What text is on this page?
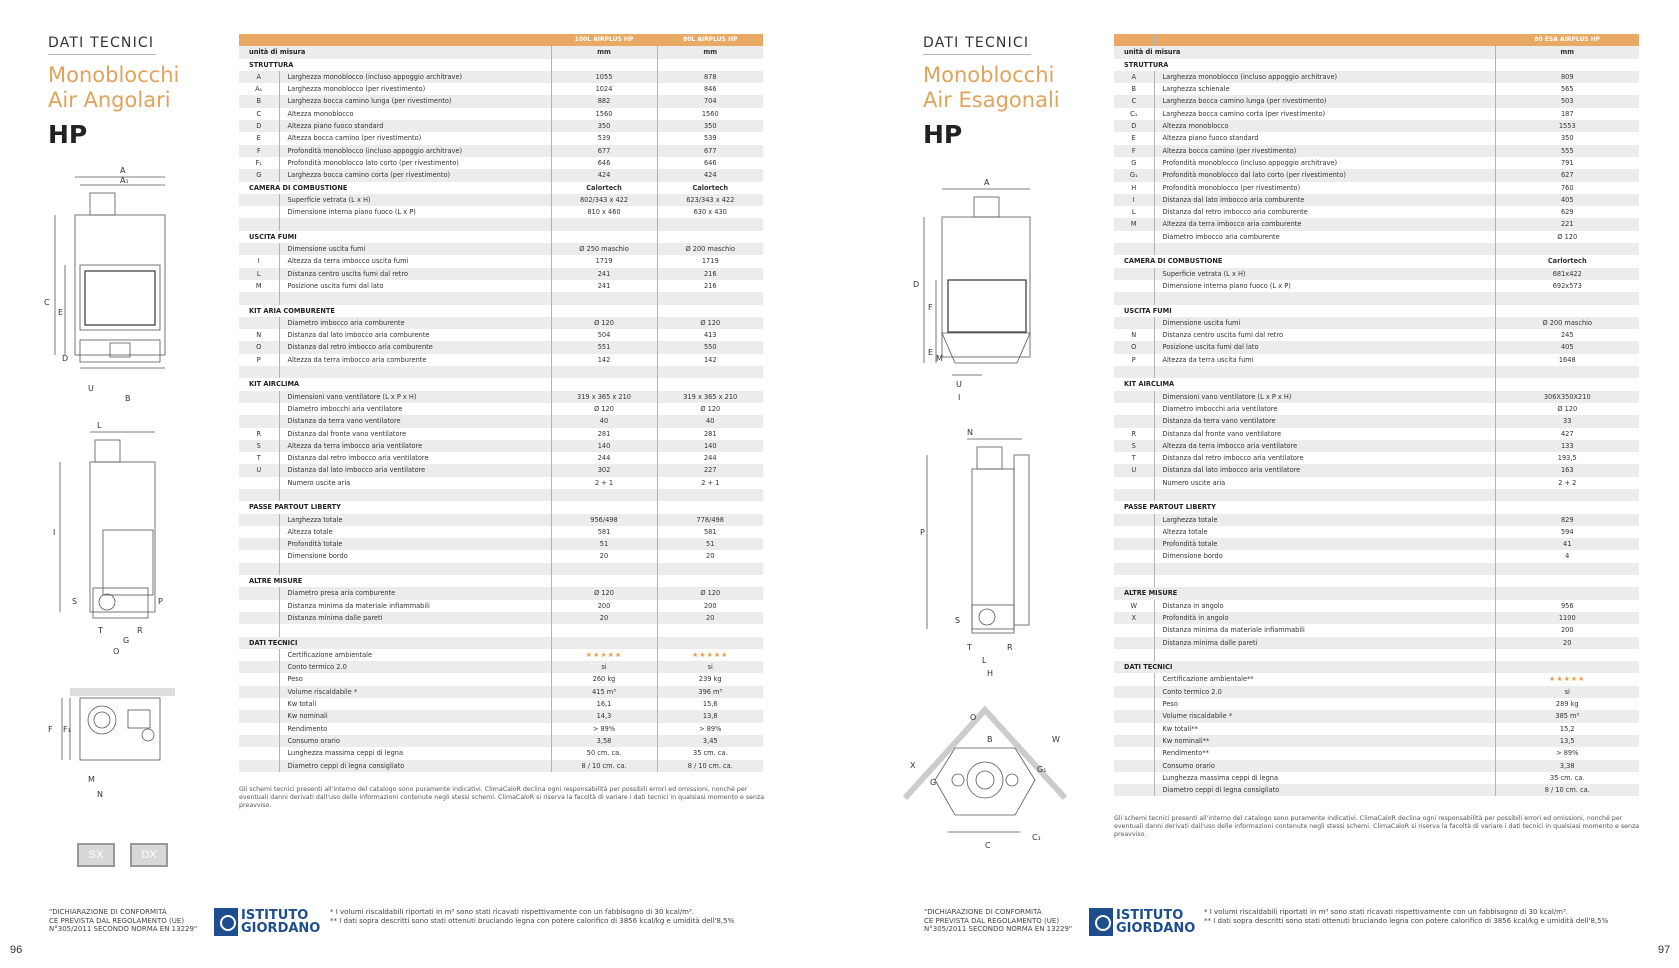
DATI TECNICI
Monoblocchi
Air Angolari
HP
A
A₁
C
E
D
U
B
L
I
S	P
T	R
G
O
F F₁
M
N
SX	DX
		100L AIRPLUS HP	80L AIRPLUS HP
unità di misura		mm	mm
STRUTTURA			
A	Larghezza monoblocco (incluso appoggio architrave)	1055	878
A₁	Larghezza monoblocco (per rivestimento)	1024	846
B	Larghezza bocca camino lunga (per rivestimento)	882	704
C	Altezza monoblocco	1560	1560
D	Altezza piano fuoco standard	350	350
E	Altezza bocca camino (per rivestimento)	539	539
F	Profondità monoblocco (incluso appoggio architrave)	677	677
F₁	Profondità monoblocco lato corto (per rivestimento)	646	646
G	Larghezza bocca camino corta (per rivestimento)	424	424
CAMERA DI COMBUSTIONE		Calortech	Calortech
	Superficie vetrata (L x H)	802/343 x 422	623/343 x 422
	Dimensione interna piano fuoco (L x P)	810 x 460	630 x 430

USCITA FUMI			
	Dimensione uscita fumi	Ø 250 maschio	Ø 200 maschio
I	Altezza da terra imbocco uscita fumi	1719	1719
L	Distanza centro uscita fumi dal retro	241	216
M	Posizione uscita fumi dal lato	241	216

KIT ARIA COMBURENTE			
	Diametro imbocco aria comburente	Ø 120	Ø 120
N	Distanza dal lato imbocco aria comburente	504	413
O	Distanza dal retro imbocco aria comburente	551	550
P	Altezza da terra imbocco aria comburente	142	142

KIT AIRCLIMA			
	Dimensioni vano ventilatore (L x P x H)	319 x 365 x 210	319 x 365 x 210
	Diametro imbocchi aria ventilatore	Ø 120	Ø 120
	Distanza da terra vano ventilatore	40	40
R	Distanza dal fronte vano ventilatore	281	281
S	Altezza da terra imbocco aria ventilatore	140	140
T	Distanza dal retro imbocco aria ventilatore	244	244
U	Distanza dal lato imbocco aria ventilatore	302	227
	Numero uscite aria	2 + 1	2 + 1

PASSE PARTOUT LIBERTY			
	Larghezza totale	956/498	778/498
	Altezza totale	581	581
	Profondità totale	51	51
	Dimensione bordo	20	20

ALTRE MISURE			
	Diametro presa aria comburente	Ø 120	Ø 120
	Distanza minima da materiale infiammabili	200	200
	Distanza minima dalle pareti	20	20

DATI TECNICI			
	Certificazione ambientale	★★★★★	★★★★★
	Conto termico 2.0	si	si
	Peso	260 kg	239 kg
	Volume riscaldabile *	415 m³	396 m³
	Kw totali	16,1	15,6
	Kw nominali	14,3	13,8
	Rendimento	> 89%	> 89%
	Consumo orario	3,58	3,45
	Lunghezza massima ceppi di legna	50 cm. ca.	35 cm. ca.
	Diametro ceppi di legna consigliato	8 / 10 cm. ca.	8 / 10 cm. ca.
Gli schemi tecnici presenti all'interno del catalogo sono puramente indicativi. ClimaCaloR declina ogni responsabilità per possibili errori ed omissioni, nonché per eventuali danni derivati dall'uso delle informazioni contenute negli stessi schemi. ClimaCaloR si riserva la facoltà di variare i dati tecnici in qualsiasi momento e senza preavviso.
"DICHIARAZIONE DI CONFORMITÀ
CE PREVISTA DAL REGOLAMENTO (UE)
N°305/2011 SECONDO NORMA EN 13229"
ISTITUTO
GIORDANO
* I volumi riscaldabili riportati in m³ sono stati ricavati rispettivamente con un fabbisogno di 30 kcal/m³.
** I dati sopra descritti sono stati ottenuti bruciando legna con potere calorifico di 3856 kcal/kg e umidità dell'8,5%
96
DATI TECNICI
Monoblocchi
Air Esagonali
HP
A
D
F
E
M
U
I
N
P
S
T	R
L
H
O
B	W
X
G
G₁
C
C₁
		80 ESA AIRPLUS HP
unità di misura		mm
STRUTTURA		
A	Larghezza monoblocco (incluso appoggio architrave)	809
B	Larghezza schienale	565
C	Larghezza bocca camino lunga (per rivestimento)	503
C₁	Larghezza bocca camino corta (per rivestimento)	187
D	Altezza monoblocco	1553
E	Altezza piano fuoco standard	350
F	Altezza bocca camino (per rivestimento)	555
G	Profondità monoblocco (incluso appoggio architrave)	791
G₁	Profondità monoblocco dal lato corto (per rivestimento)	627
H	Profondità monoblocco (per rivestimento)	760
I	Distanza dal lato imbocco aria comburente	405
L	Distanza dal retro imbocco aria comburente	629
M	Altezza da terra imbocco aria comburente	221
	Diametro imbocco aria comburente	Ø 120

CAMERA DI COMBUSTIONE		Carlortech
	Superficie vetrata (L x H)	681x422
	Dimensione interna piano fuoco (L x P)	692x573

USCITA FUMI		
	Dimensione uscita fumi	Ø 200 maschio
N	Distanza centro uscita fumi dal retro	245
O	Posizione uscita fumi dal lato	405
P	Altezza da terra uscita fumi	1648

KIT AIRCLIMA		
	Dimensioni vano ventilatore (L x P x H)	306X350X210
	Diametro imbocchi aria ventilatore	Ø 120
	Distanza da terra vano ventilatore	33
R	Distanza dal fronte vano ventilatore	427
S	Altezza da terra imbocco aria ventilatore	133
T	Distanza dal retro imbocco aria ventilatore	193,5
U	Distanza dal lato imbocco aria ventilatore	163
	Numero uscite aria	2 + 2

PASSE PARTOUT LIBERTY		
	Larghezza totale	829
	Altezza totale	594
	Profondità totale	41
	Dimensione bordo	4

ALTRE MISURE		
W	Distanza in angolo	956
X	Profondità in angolo	1100
	Distanza minima da materiale infiammabili	200
	Distanza minima dalle pareti	20

DATI TECNICI		
	Certificazione ambientale**	★★★★★
	Conto termico 2.0	si
	Peso	289 kg
	Volume riscaldabile *	385 m³
	Kw totali**	15,2
	Kw nominali**	13,5
	Rendimento**	> 89%
	Consumo orario	3,38
	Lunghezza massima ceppi di legna	35 cm. ca.
	Diametro ceppi di legna consigliato	8 / 10 cm. ca.
Gli schemi tecnici presenti all'interno del catalogo sono puramente indicativi. ClimaCaloR declina ogni responsabilità per possibili errori ed omissioni, nonché per eventuali danni derivati dall'uso delle informazioni contenute negli stessi schemi. ClimaCaloR si riserva la facoltà di variare i dati tecnici in qualsiasi momento e senza preavviso.
"DICHIARAZIONE DI CONFORMITÀ
CE PREVISTA DAL REGOLAMENTO (UE)
N°305/2011 SECONDO NORMA EN 13229"
ISTITUTO
GIORDANO
* I volumi riscaldabili riportati in m³ sono stati ricavati rispettivamente con un fabbisogno di 30 kcal/m³.
** I dati sopra descritti sono stati ottenuti bruciando legna con potere calorifico di 3856 kcal/kg e umidità dell'8,5%
97
